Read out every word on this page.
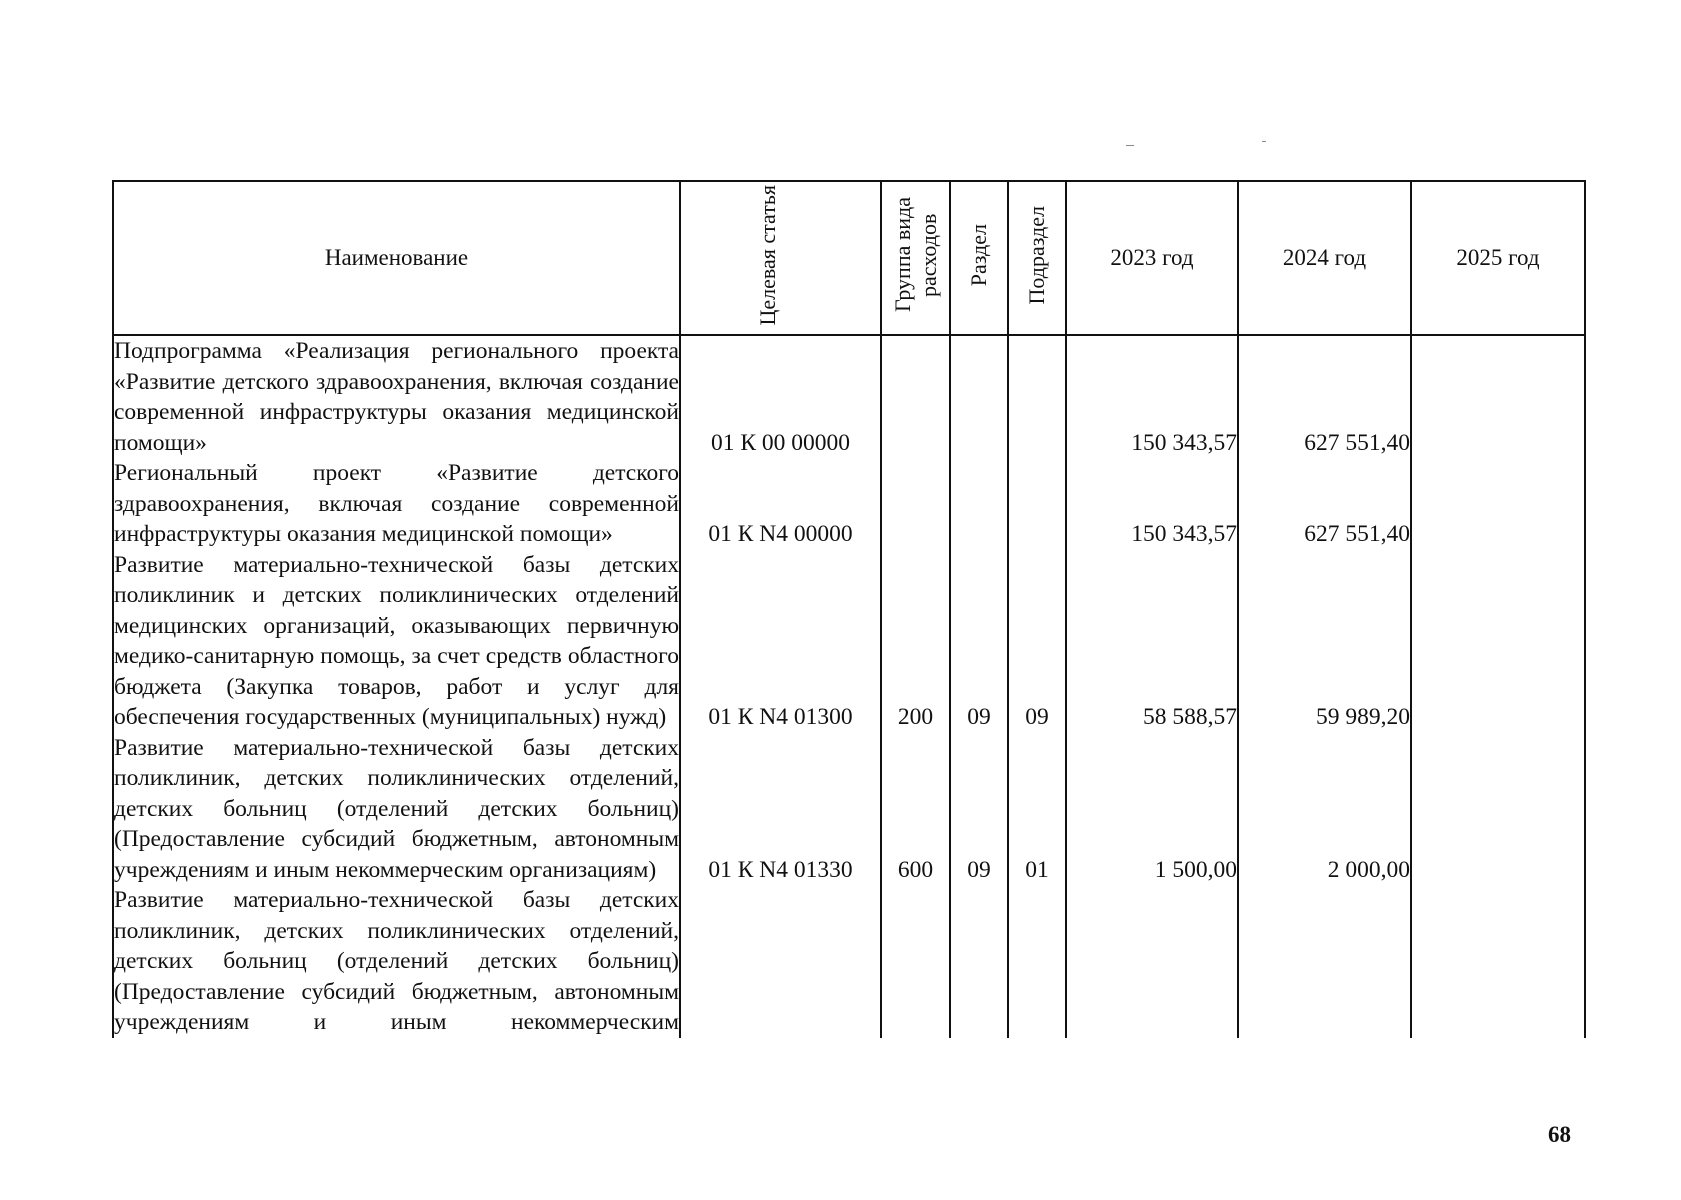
Наименование	Целевая статья	Группа вида расходов	Раздел	Подраздел	2023 год	2024 год	2025 год
Подпрограмма «Реализация регионального проекта «Развитие детского здравоохранения, включая создание современной инфраструктуры оказания медицинской помощи»	01 К 00 00000				150 343,57	627 551,40	
Региональный проект «Развитие детского здравоохранения, включая создание современной инфраструктуры оказания медицинской помощи»	01 К N4 00000				150 343,57	627 551,40	
Развитие материально-технической базы детских поликлиник и детских поликлинических отделений медицинских организаций, оказывающих первичную медико-санитарную помощь, за счет средств областного бюджета (Закупка товаров, работ и услуг для обеспечения государственных (муниципальных) нужд)	01 К N4 01300	200	09	09	58 588,57	59 989,20	
Развитие материально-технической базы детских поликлиник, детских поликлинических отделений, детских больниц (отделений детских больниц) (Предоставление субсидий бюджетным, автономным учреждениям и иным некоммерческим организациям)	01 К N4 01330	600	09	01	1 500,00	2 000,00	
Развитие материально-технической базы детских поликлиник, детских поликлинических отделений, детских больниц (отделений детских больниц) (Предоставление субсидий бюджетным, автономным учреждениям и иным некоммерческим							
68
